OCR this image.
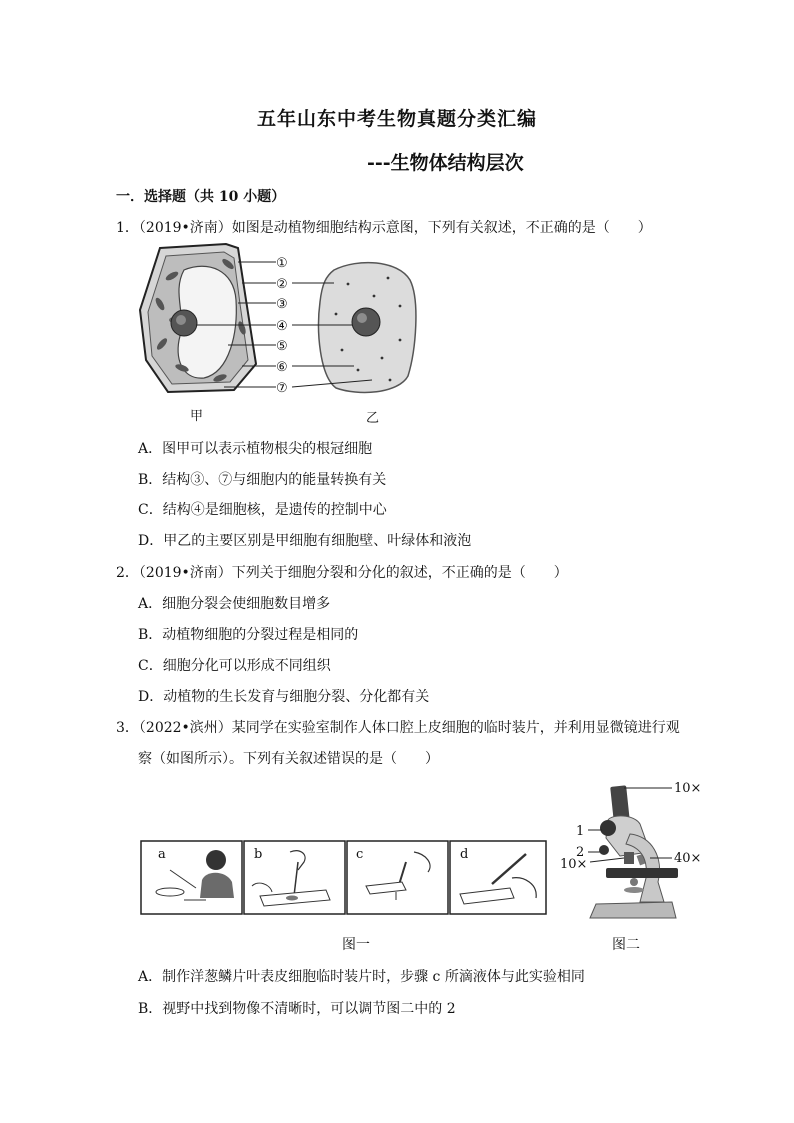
五年山东中考生物真题分类汇编
---生物体结构层次
一．选择题（共 10 小题）
1．（2019•济南）如图是动植物细胞结构示意图，下列有关叙述，不正确的是（　　）
①
②
③
④
⑤
⑥
⑦
甲	乙
A．图甲可以表示植物根尖的根冠细胞
B．结构③、⑦与细胞内的能量转换有关
C．结构④是细胞核，是遗传的控制中心
D．甲乙的主要区别是甲细胞有细胞壁、叶绿体和液泡
2．（2019•济南）下列关于细胞分裂和分化的叙述，不正确的是（　　）
A．细胞分裂会使细胞数目增多
B．动植物细胞的分裂过程是相同的
C．细胞分化可以形成不同组织
D．动植物的生长发育与细胞分裂、分化都有关
3．（2022•滨州）某同学在实验室制作人体口腔上皮细胞的临时装片，并利用显微镜进行观
察（如图所示）。下列有关叙述错误的是（　　）
a	b	c	d
10×
1
2
10×	40×
图一	图二
A．制作洋葱鳞片叶表皮细胞临时装片时，步骤 c 所滴液体与此实验相同
B．视野中找到物像不清晰时，可以调节图二中的 2
